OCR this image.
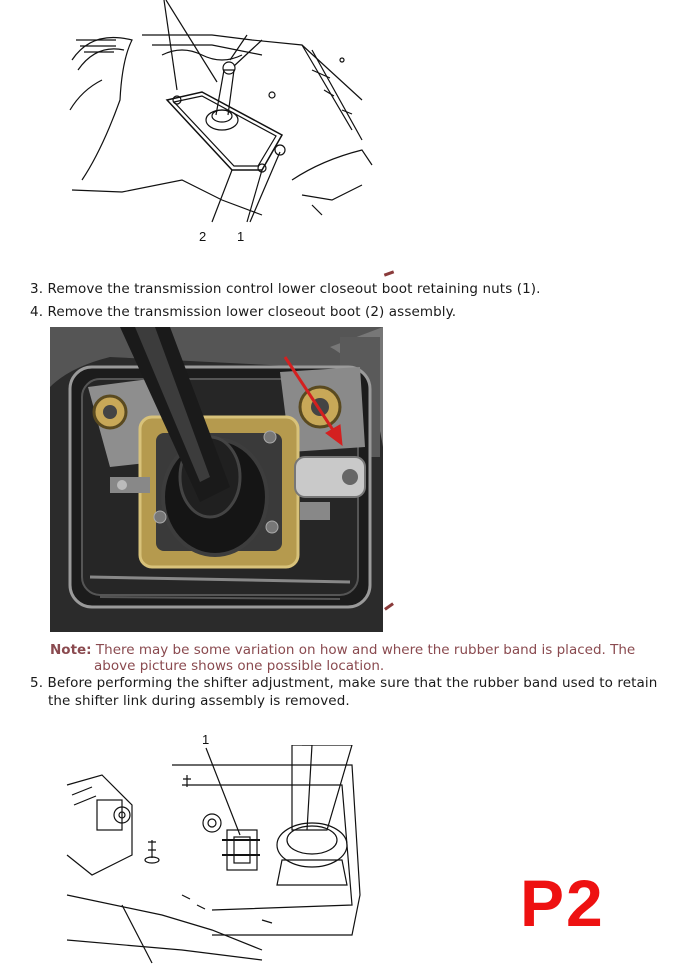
2 1
3. Remove the transmission control lower closeout boot retaining nuts (1).
4. Remove the transmission lower closeout boot (2) assembly.
Note: There may be some variation on how and where the rubber band is placed. The
above picture shows one possible location.
5. Before performing the shifter adjustment, make sure that the rubber band used to retain
the shifter link during assembly is removed.
1
P2
